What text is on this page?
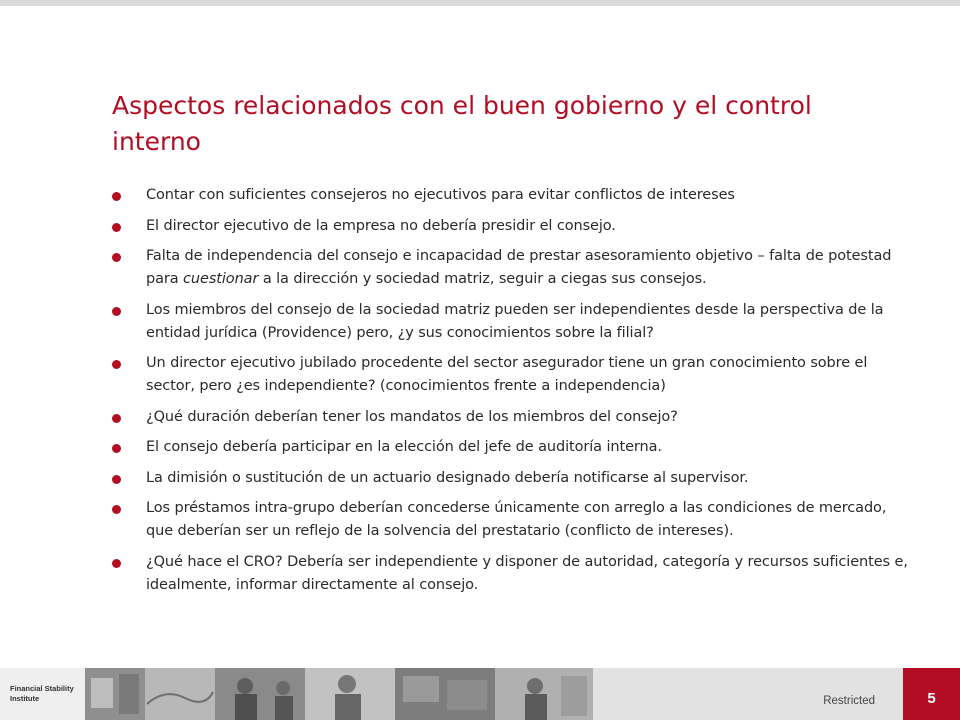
Aspectos relacionados con el buen gobierno y el control interno
Contar con suficientes consejeros no ejecutivos para evitar conflictos de intereses
El director ejecutivo de la empresa no debería presidir el consejo.
Falta de independencia del consejo e incapacidad de prestar asesoramiento objetivo – falta de potestad para cuestionar a la dirección y sociedad matriz, seguir a ciegas sus consejos.
Los miembros del consejo de la sociedad matriz pueden ser independientes desde la perspectiva de la entidad jurídica (Providence) pero, ¿y sus conocimientos sobre la filial?
Un director ejecutivo jubilado procedente del sector asegurador tiene un gran conocimiento sobre el sector, pero ¿es independiente? (conocimientos frente a independencia)
¿Qué duración deberían tener los mandatos de los miembros del consejo?
El consejo debería participar en la elección del jefe de auditoría interna.
La dimisión o sustitución de un actuario designado debería notificarse al supervisor.
Los préstamos intra-grupo deberían concederse únicamente con arreglo a las condiciones de mercado, que deberían ser un reflejo de la solvencia del prestatario (conflicto de intereses).
¿Qué hace el CRO? Debería ser independiente y disponer de autoridad, categoría y recursos suficientes e, idealmente, informar directamente al consejo.
Financial Stability
Institute	Restricted	5
